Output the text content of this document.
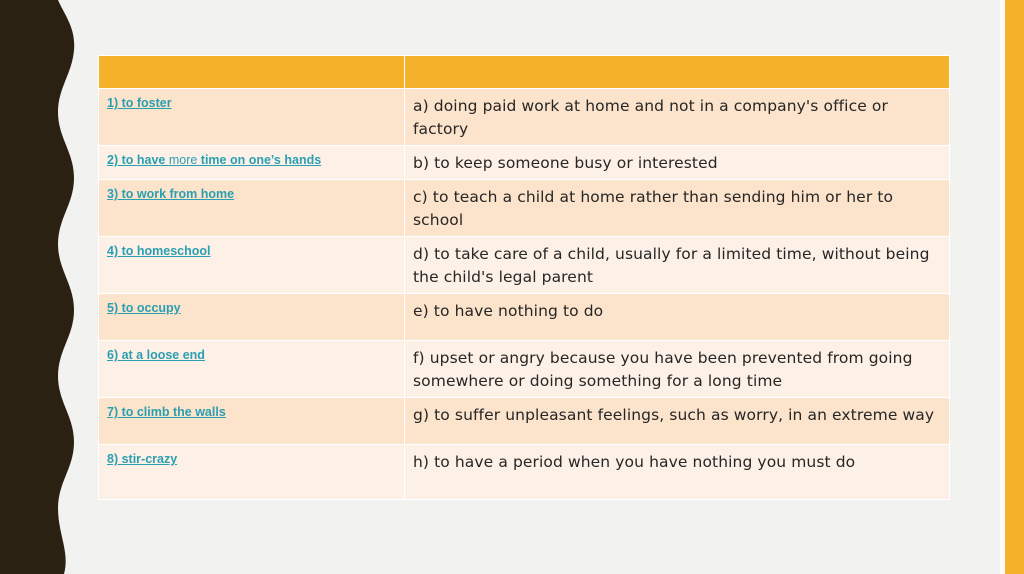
1) to foster	a) doing paid work at home and not in a company's office or factory

2) to have more time on one’s hands	b) to keep someone busy or interested

3) to work from home	c) to teach a child at home rather than sending him or her to school

4) to homeschool	d) to take care of a child, usually for a limited time, without being the child's legal parent

5) to occupy	e) to have nothing to do

6) at a loose end	f) upset or angry because you have been prevented from going somewhere or doing something for a long time

7) to climb the walls	g) to suffer unpleasant feelings, such as worry, in an extreme way

8) stir-crazy	h) to have a period when you have nothing you must do
